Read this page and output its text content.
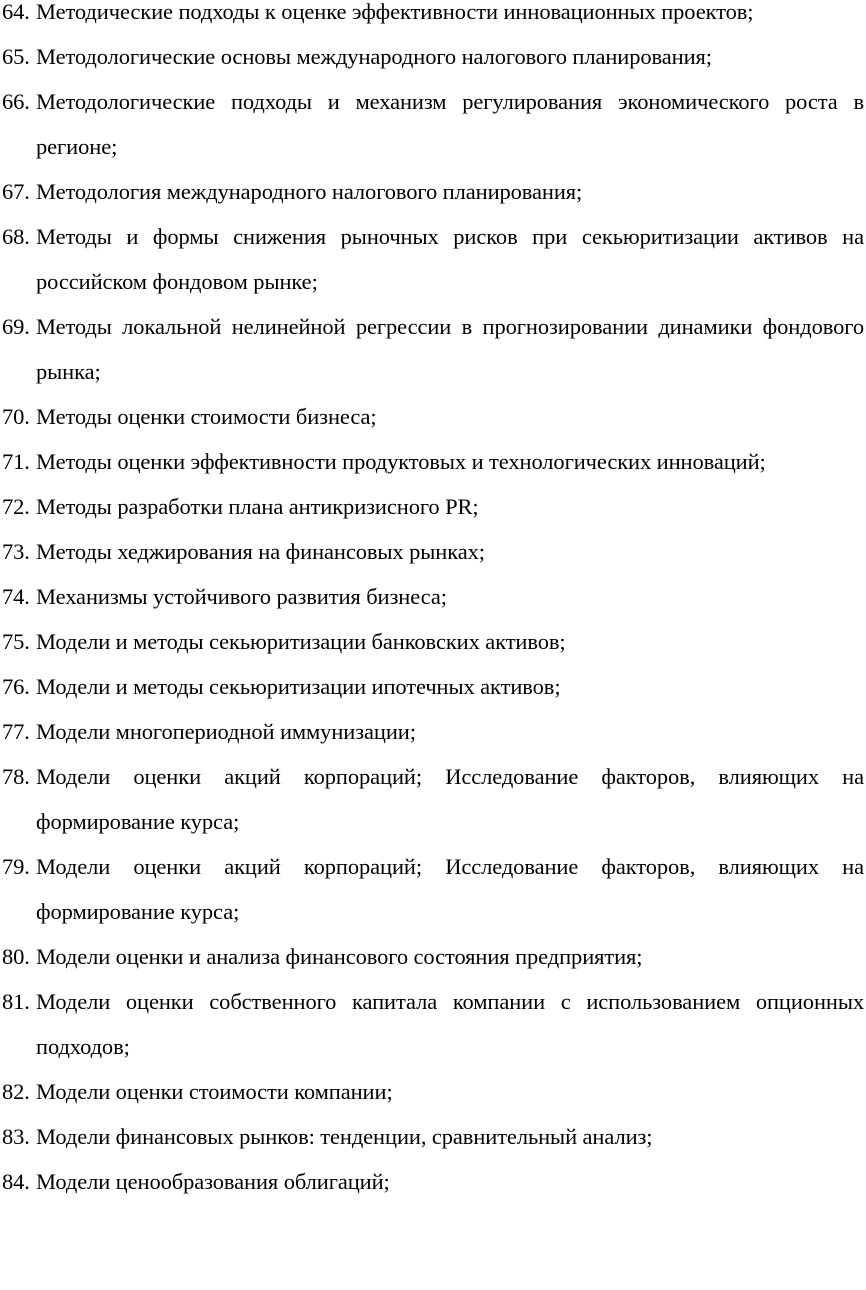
64. Методические подходы к оценке эффективности инновационных проектов;
65. Методологические основы международного налогового планирования;
66. Методологические подходы и механизм регулирования экономического роста в регионе;
67. Методология международного налогового планирования;
68. Методы и формы снижения рыночных рисков при секьюритизации активов на российском фондовом рынке;
69. Методы локальной нелинейной регрессии в прогнозировании динамики фондового рынка;
70. Методы оценки стоимости бизнеса;
71. Методы оценки эффективности продуктовых и технологических инноваций;
72. Методы разработки плана антикризисного PR;
73. Методы хеджирования на финансовых рынках;
74. Механизмы устойчивого развития бизнеса;
75. Модели и методы секьюритизации банковских активов;
76. Модели и методы секьюритизации ипотечных активов;
77. Модели многопериодной иммунизации;
78. Модели оценки акций корпораций; Исследование факторов, влияющих на формирование курса;
79. Модели оценки акций корпораций; Исследование факторов, влияющих на формирование курса;
80. Модели оценки и анализа финансового состояния предприятия;
81. Модели оценки собственного капитала компании с использованием опционных подходов;
82. Модели оценки стоимости компании;
83. Модели финансовых рынков: тенденции, сравнительный анализ;
84. Модели ценообразования облигаций;
